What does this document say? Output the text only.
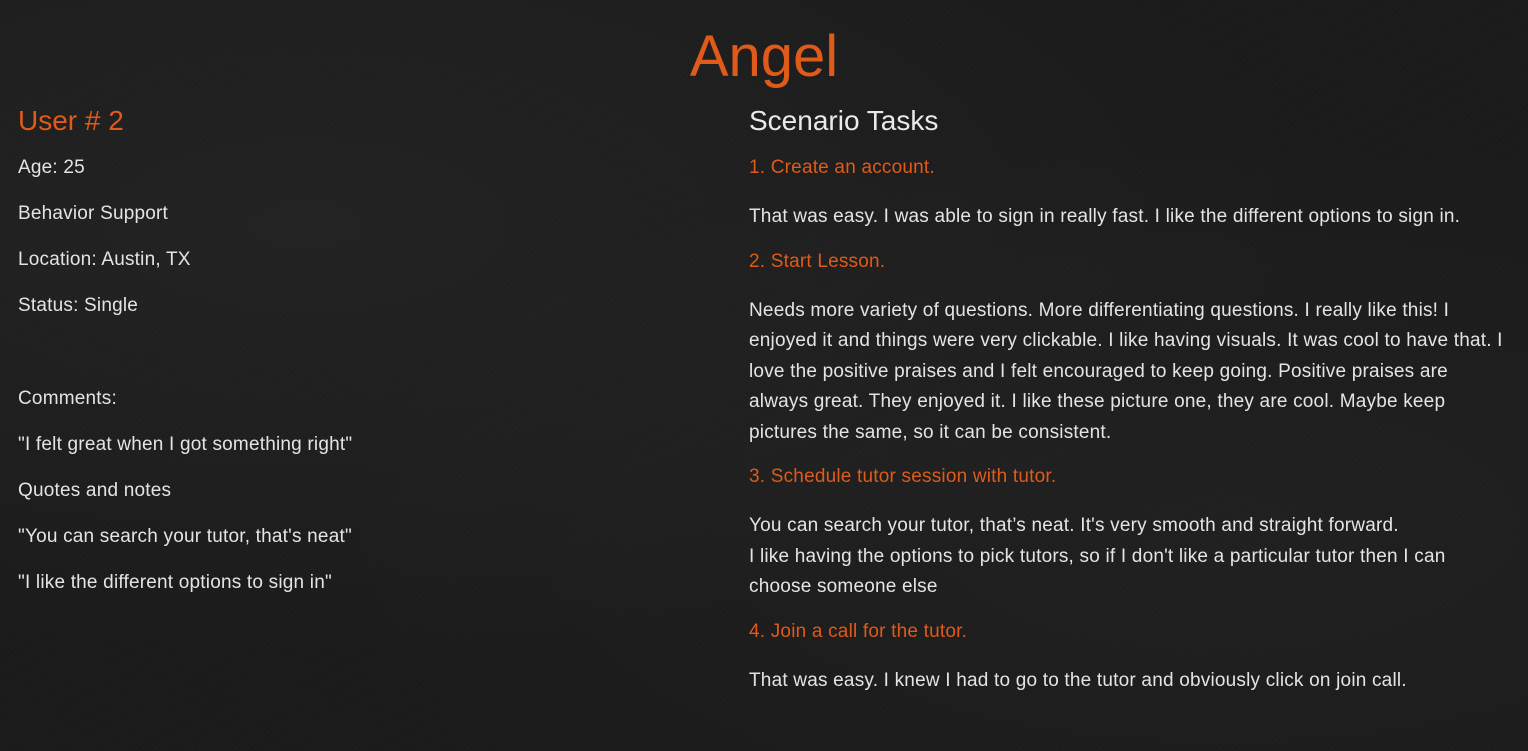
Angel
User # 2

Age: 25

Behavior Support

Location: Austin, TX

Status: Single

Comments:

"I felt great when I got something right"

Quotes and notes

"You can search your tutor, that's neat"

"I like the different options to sign in"

Scenario Tasks

1. Create an account.

That was easy. I was able to sign in really fast. I like the different options to sign in.

2. Start Lesson.

Needs more variety of questions. More differentiating questions. I really like this! I enjoyed it and things were very clickable. I like having visuals. It was cool to have that. I love the positive praises and I felt encouraged to keep going. Positive praises are always great. They enjoyed it. I like these picture one, they are cool. Maybe keep pictures the same, so it can be consistent.

3. Schedule tutor session with tutor.

You can search your tutor, that’s neat. It's very smooth and straight forward.
I like having the options to pick tutors, so if I don't like a particular tutor then I can choose someone else

4. Join a call for the tutor.

That was easy. I knew I had to go to the tutor and obviously click on join call.
